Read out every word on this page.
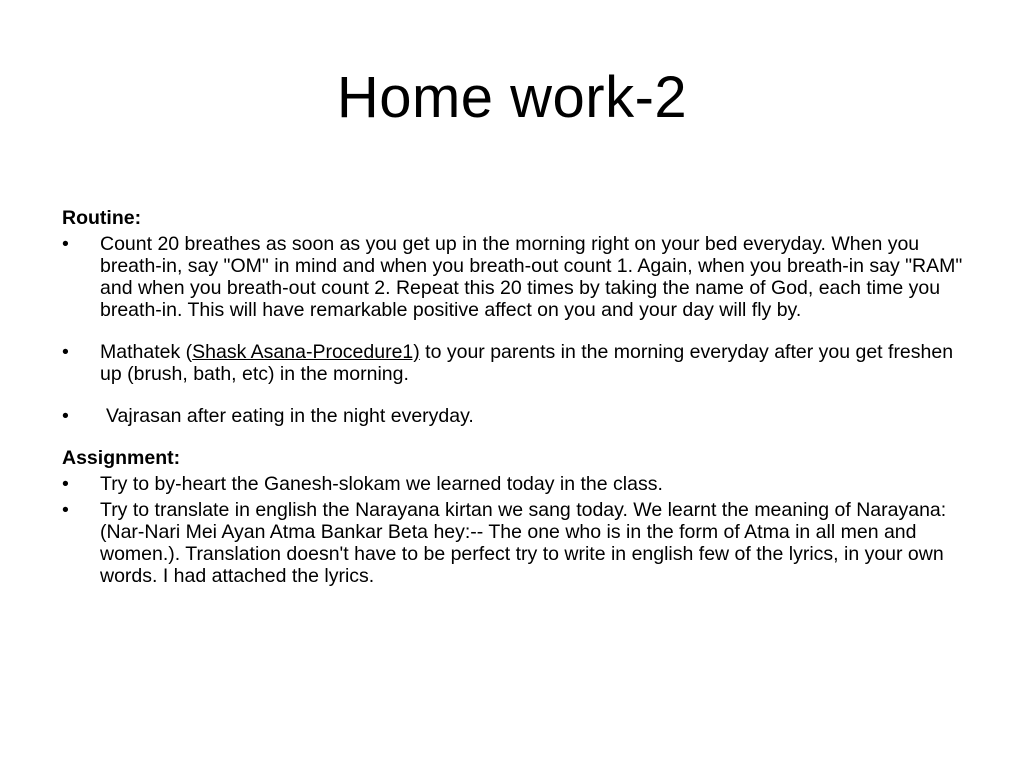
Home work-2
Routine:
•	Count 20 breathes as soon as you get up in the morning right on your bed everyday. When you breath-in, say "OM" in mind and when you breath-out count 1. Again, when you breath-in say "RAM" and when you breath-out count 2. Repeat this 20 times by taking the name of God, each time you breath-in. This will have remarkable positive affect on you and your day will fly by.
•	Mathatek (Shask Asana-Procedure1) to your parents in the morning everyday after you get freshen up (brush, bath, etc) in the morning.
•	Vajrasan after eating in the night everyday.
Assignment:
•	Try to by-heart the Ganesh-slokam we learned today in the class.
•	Try to translate in english the Narayana kirtan we sang today. We learnt the meaning of Narayana: (Nar-Nari Mei Ayan Atma Bankar Beta hey:-- The one who is in the form of Atma in all men and women.). Translation doesn't have to be perfect try to write in english few of the lyrics, in your own words. I had attached the lyrics.
